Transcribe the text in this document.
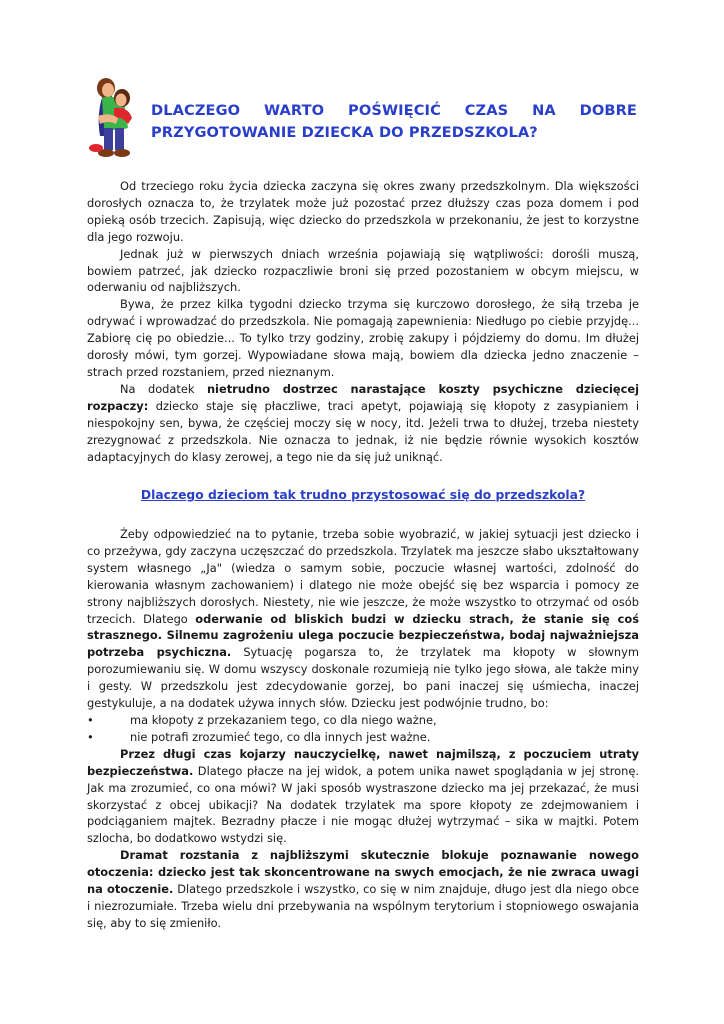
DLACZEGO WARTO POŚWIĘCIĆ CZAS NA DOBRE
PRZYGOTOWANIE DZIECKA DO PRZEDSZKOLA?

Od trzeciego roku życia dziecka zaczyna się okres zwany przedszkolnym. Dla większości dorosłych oznacza to, że trzylatek może już pozostać przez dłuższy czas poza domem i pod opieką osób trzecich. Zapisują, więc dziecko do przedszkola w przekonaniu, że jest to korzystne dla jego rozwoju.

Jednak już w pierwszych dniach września pojawiają się wątpliwości: dorośli muszą, bowiem patrzeć, jak dziecko rozpaczliwie broni się przed pozostaniem w obcym miejscu, w oderwaniu od najbliższych.

Bywa, że przez kilka tygodni dziecko trzyma się kurczowo dorosłego, że siłą trzeba je odrywać i wprowadzać do przedszkola. Nie pomagają zapewnienia: Niedługo po ciebie przyjdę... Zabiorę cię po obiedzie... To tylko trzy godziny, zrobię zakupy i pójdziemy do domu. Im dłużej dorosły mówi, tym gorzej. Wypowiadane słowa mają, bowiem dla dziecka jedno znaczenie – strach przed rozstaniem, przed nieznanym.

Na dodatek nietrudno dostrzec narastające koszty psychiczne dziecięcej rozpaczy: dziecko staje się płaczliwe, traci apetyt, pojawiają się kłopoty z zasypianiem i niespokojny sen, bywa, że częściej moczy się w nocy, itd. Jeżeli trwa to dłużej, trzeba niestety zrezygnować z przedszkola. Nie oznacza to jednak, iż nie będzie równie wysokich kosztów adaptacyjnych do klasy zerowej, a tego nie da się już uniknąć.

Dlaczego dzieciom tak trudno przystosować się do przedszkola?

Żeby odpowiedzieć na to pytanie, trzeba sobie wyobrazić, w jakiej sytuacji jest dziecko i co przeżywa, gdy zaczyna uczęszczać do przedszkola. Trzylatek ma jeszcze słabo ukształtowany system własnego „Ja" (wiedza o samym sobie, poczucie własnej wartości, zdolność do kierowania własnym zachowaniem) i dlatego nie może obejść się bez wsparcia i pomocy ze strony najbliższych dorosłych. Niestety, nie wie jeszcze, że może wszystko to otrzymać od osób trzecich. Dlatego oderwanie od bliskich budzi w dziecku strach, że stanie się coś strasznego. Silnemu zagrożeniu ulega poczucie bezpieczeństwa, bodaj najważniejsza potrzeba psychiczna. Sytuację pogarsza to, że trzylatek ma kłopoty w słownym porozumiewaniu się. W domu wszyscy doskonale rozumieją nie tylko jego słowa, ale także miny i gesty. W przedszkolu jest zdecydowanie gorzej, bo pani inaczej się uśmiecha, inaczej gestykuluje, a na dodatek używa innych słów. Dziecku jest podwójnie trudno, bo:

•	ma kłopoty z przekazaniem tego, co dla niego ważne,
•	nie potrafi zrozumieć tego, co dla innych jest ważne.

Przez długi czas kojarzy nauczycielkę, nawet najmilszą, z poczuciem utraty bezpieczeństwa. Dlatego płacze na jej widok, a potem unika nawet spoglądania w jej stronę. Jak ma zrozumieć, co ona mówi? W jaki sposób wystraszone dziecko ma jej przekazać, że musi skorzystać z obcej ubikacji? Na dodatek trzylatek ma spore kłopoty ze zdejmowaniem i podciąganiem majtek. Bezradny płacze i nie mogąc dłużej wytrzymać – sika w majtki. Potem szlocha, bo dodatkowo wstydzi się.

Dramat rozstania z najbliższymi skutecznie blokuje poznawanie nowego otoczenia: dziecko jest tak skoncentrowane na swych emocjach, że nie zwraca uwagi na otoczenie. Dlatego przedszkole i wszystko, co się w nim znajduje, długo jest dla niego obce i niezrozumiałe. Trzeba wielu dni przebywania na wspólnym terytorium i stopniowego oswajania się, aby to się zmieniło.
